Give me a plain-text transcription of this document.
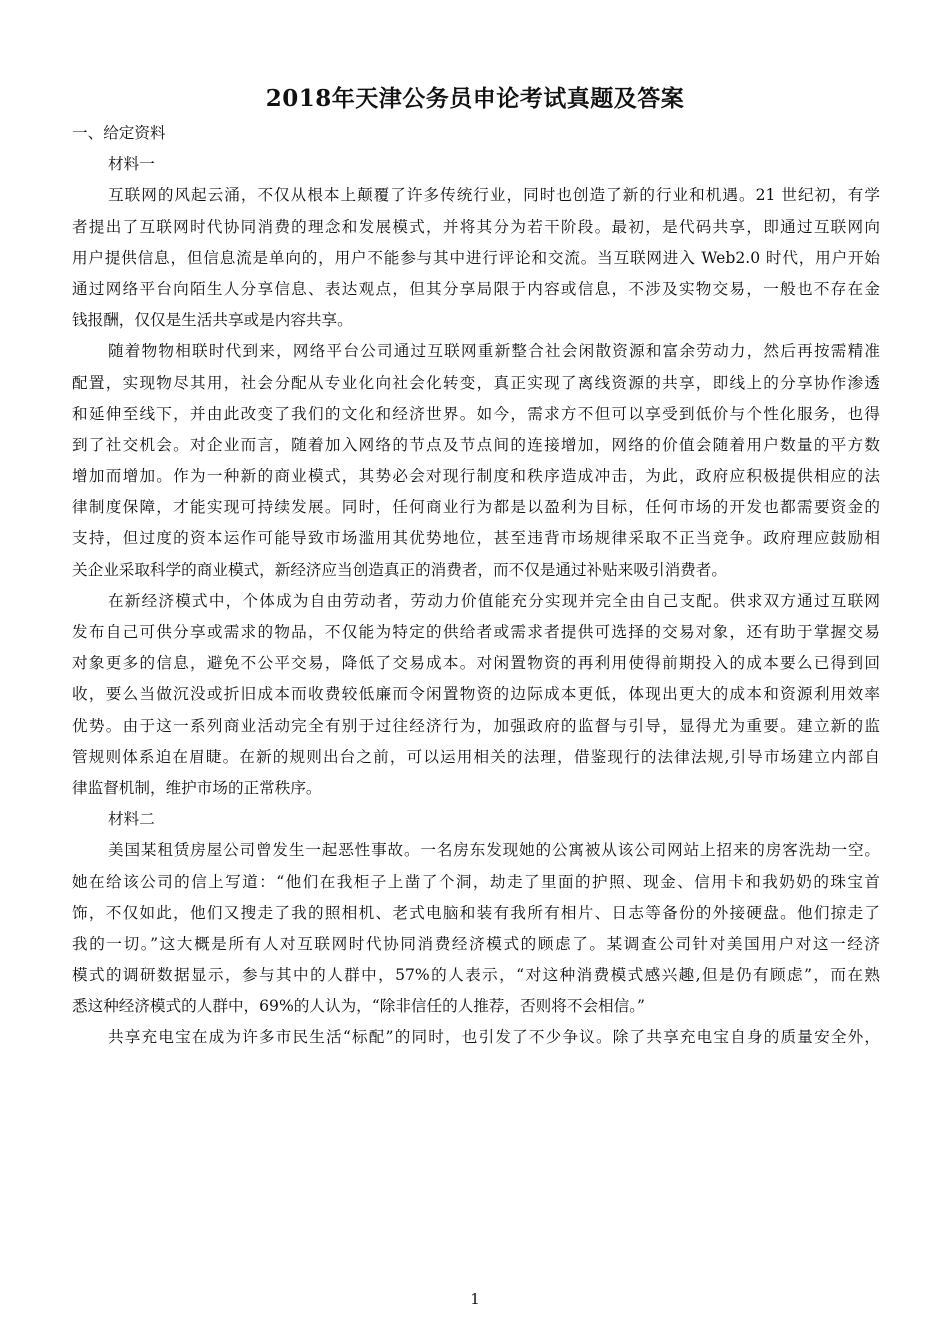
2018年天津公务员申论考试真题及答案
一、给定资料
材料一
互联网的风起云涌，不仅从根本上颠覆了许多传统行业，同时也创造了新的行业和机遇。21 世纪初，有学
者提出了互联网时代协同消费的理念和发展模式，并将其分为若干阶段。最初，是代码共享，即通过互联网向
用户提供信息，但信息流是单向的，用户不能参与其中进行评论和交流。当互联网进入 Web2.0 时代，用户开始
通过网络平台向陌生人分享信息、表达观点，但其分享局限于内容或信息，不涉及实物交易，一般也不存在金
钱报酬，仅仅是生活共享或是内容共享。
随着物物相联时代到来，网络平台公司通过互联网重新整合社会闲散资源和富余劳动力，然后再按需精准
配置，实现物尽其用，社会分配从专业化向社会化转变，真正实现了离线资源的共享，即线上的分享协作渗透
和延伸至线下，并由此改变了我们的文化和经济世界。如今，需求方不但可以享受到低价与个性化服务，也得
到了社交机会。对企业而言，随着加入网络的节点及节点间的连接增加，网络的价值会随着用户数量的平方数
增加而增加。作为一种新的商业模式，其势必会对现行制度和秩序造成冲击，为此，政府应积极提供相应的法
律制度保障，才能实现可持续发展。同时，任何商业行为都是以盈利为目标，任何市场的开发也都需要资金的
支持，但过度的资本运作可能导致市场滥用其优势地位，甚至违背市场规律采取不正当竞争。政府理应鼓励相
关企业采取科学的商业模式，新经济应当创造真正的消费者，而不仅是通过补贴来吸引消费者。
在新经济模式中，个体成为自由劳动者，劳动力价值能充分实现并完全由自己支配。供求双方通过互联网
发布自己可供分享或需求的物品，不仅能为特定的供给者或需求者提供可选择的交易对象，还有助于掌握交易
对象更多的信息，避免不公平交易，降低了交易成本。对闲置物资的再利用使得前期投入的成本要么已得到回
收，要么当做沉没或折旧成本而收费较低廉而令闲置物资的边际成本更低，体现出更大的成本和资源利用效率
优势。由于这一系列商业活动完全有别于过往经济行为，加强政府的监督与引导，显得尤为重要。建立新的监
管规则体系迫在眉睫。在新的规则出台之前，可以运用相关的法理，借鉴现行的法律法规,引导市场建立内部自
律监督机制，维护市场的正常秩序。
材料二
美国某租赁房屋公司曾发生一起恶性事故。一名房东发现她的公寓被从该公司网站上招来的房客洗劫一空。
她在给该公司的信上写道：“他们在我柜子上凿了个洞，劫走了里面的护照、现金、信用卡和我奶奶的珠宝首
饰，不仅如此，他们又搜走了我的照相机、老式电脑和装有我所有相片、日志等备份的外接硬盘。他们掠走了
我的一切。”这大概是所有人对互联网时代协同消费经济模式的顾虑了。某调查公司针对美国用户对这一经济
模式的调研数据显示，参与其中的人群中，57%的人表示，“对这种消费模式感兴趣,但是仍有顾虑”，而在熟
悉这种经济模式的人群中，69%的人认为，“除非信任的人推荐，否则将不会相信。”
共享充电宝在成为许多市民生活“标配”的同时，也引发了不少争议。除了共享充电宝自身的质量安全外，
1
